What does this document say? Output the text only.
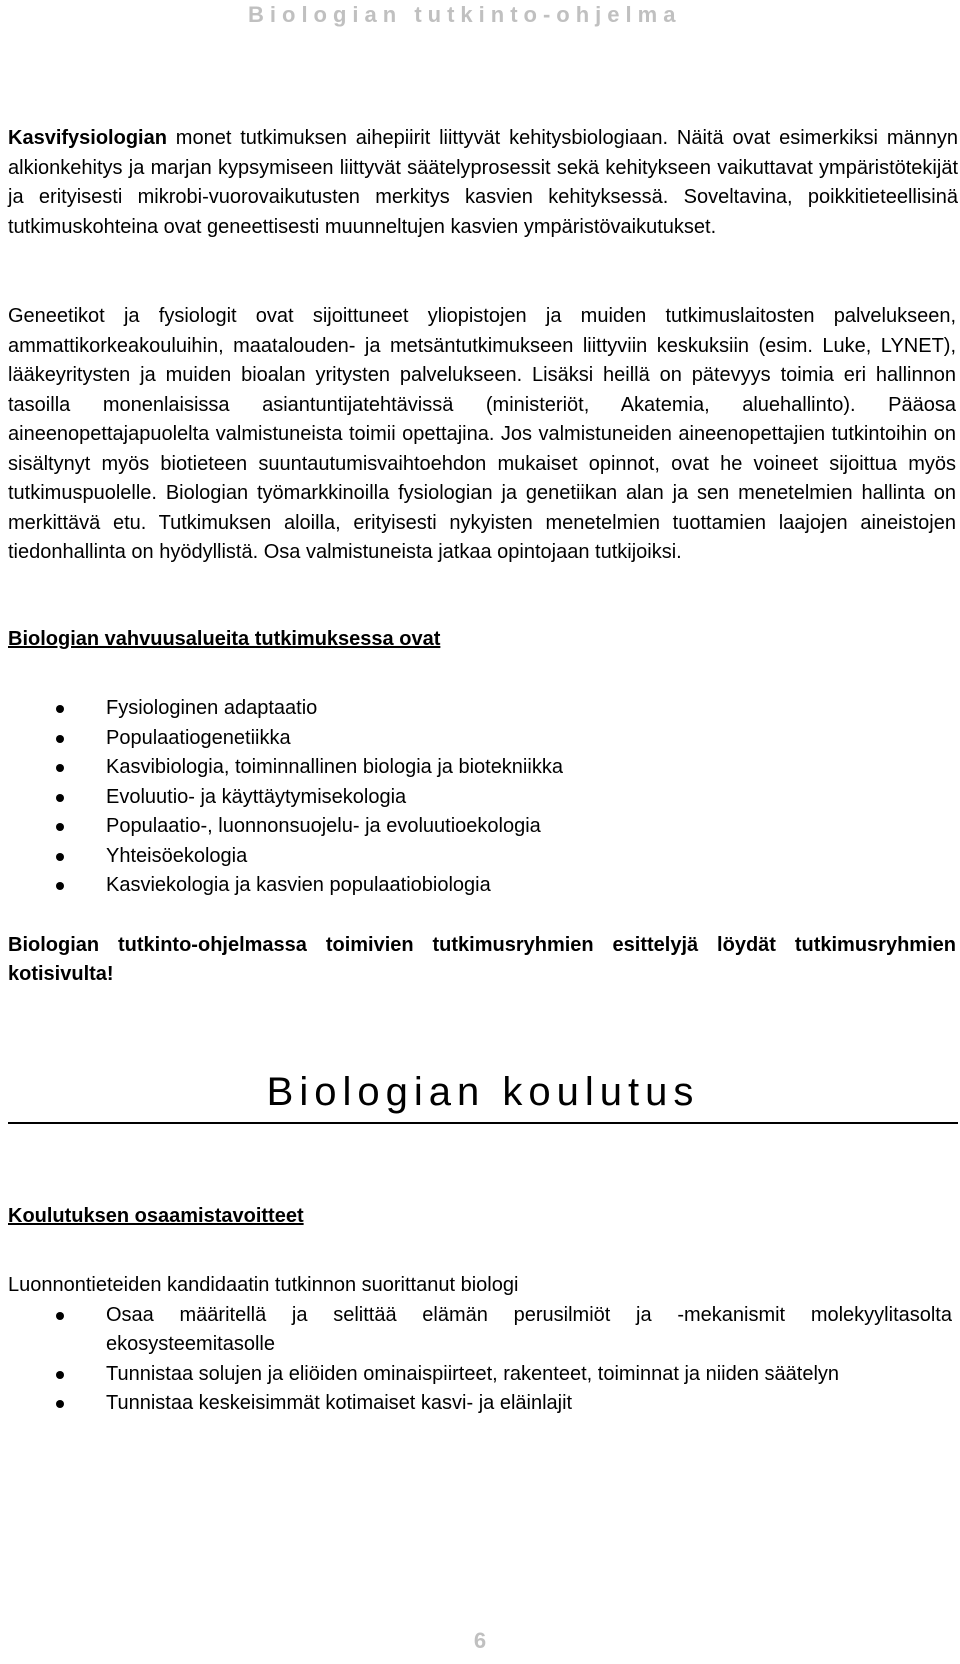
Biologian tutkinto-ohjelma

Kasvifysiologian monet tutkimuksen aihepiirit liittyvät kehitysbiologiaan. Näitä ovat esimerkiksi männyn alkionkehitys ja marjan kypsymiseen liittyvät säätelyprosessit sekä kehitykseen vaikuttavat ympäristötekijät ja erityisesti mikrobi-vuorovaikutusten merkitys kasvien kehityksessä. Soveltavina, poikkitieteellisinä tutkimuskohteina ovat geneettisesti muunneltujen kasvien ympäristövaikutukset.

Geneetikot ja fysiologit ovat sijoittuneet yliopistojen ja muiden tutkimuslaitosten palvelukseen, ammattikorkeakouluihin, maatalouden- ja metsäntutkimukseen liittyviin keskuksiin (esim. Luke, LYNET), lääkeyritysten ja muiden bioalan yritysten palvelukseen. Lisäksi heillä on pätevyys toimia eri hallinnon tasoilla monenlaisissa asiantuntijatehtävissä (ministeriöt, Akatemia, aluehallinto). Pääosa aineenopettajapuolelta valmistuneista toimii opettajina. Jos valmistuneiden aineenopettajien tutkintoihin on sisältynyt myös biotieteen suuntautumisvaihtoehdon mukaiset opinnot, ovat he voineet sijoittua myös tutkimuspuolelle. Biologian työmarkkinoilla fysiologian ja genetiikan alan ja sen menetelmien hallinta on merkittävä etu. Tutkimuksen aloilla, erityisesti nykyisten menetelmien tuottamien laajojen aineistojen tiedonhallinta on hyödyllistä. Osa valmistuneista jatkaa opintojaan tutkijoiksi.

Biologian vahvuusalueita tutkimuksessa ovat

Fysiologinen adaptaatio
Populaatiogenetiikka
Kasvibiologia, toiminnallinen biologia ja biotekniikka
Evoluutio- ja käyttäytymisekologia
Populaatio-, luonnonsuojelu- ja evoluutioekologia
Yhteisöekologia
Kasviekologia ja kasvien populaatiobiologia

Biologian tutkinto-ohjelmassa toimivien tutkimusryhmien esittelyjä löydät tutkimusryhmien kotisivulta!

Biologian koulutus

Koulutuksen osaamistavoitteet

Luonnontieteiden kandidaatin tutkinnon suorittanut biologi

Osaa määritellä ja selittää elämän perusilmiöt ja -mekanismit molekyylitasolta ekosysteemitasolle
Tunnistaa solujen ja eliöiden ominaispiirteet, rakenteet, toiminnat ja niiden säätelyn
Tunnistaa keskeisimmät kotimaiset kasvi- ja eläinlajit
6
